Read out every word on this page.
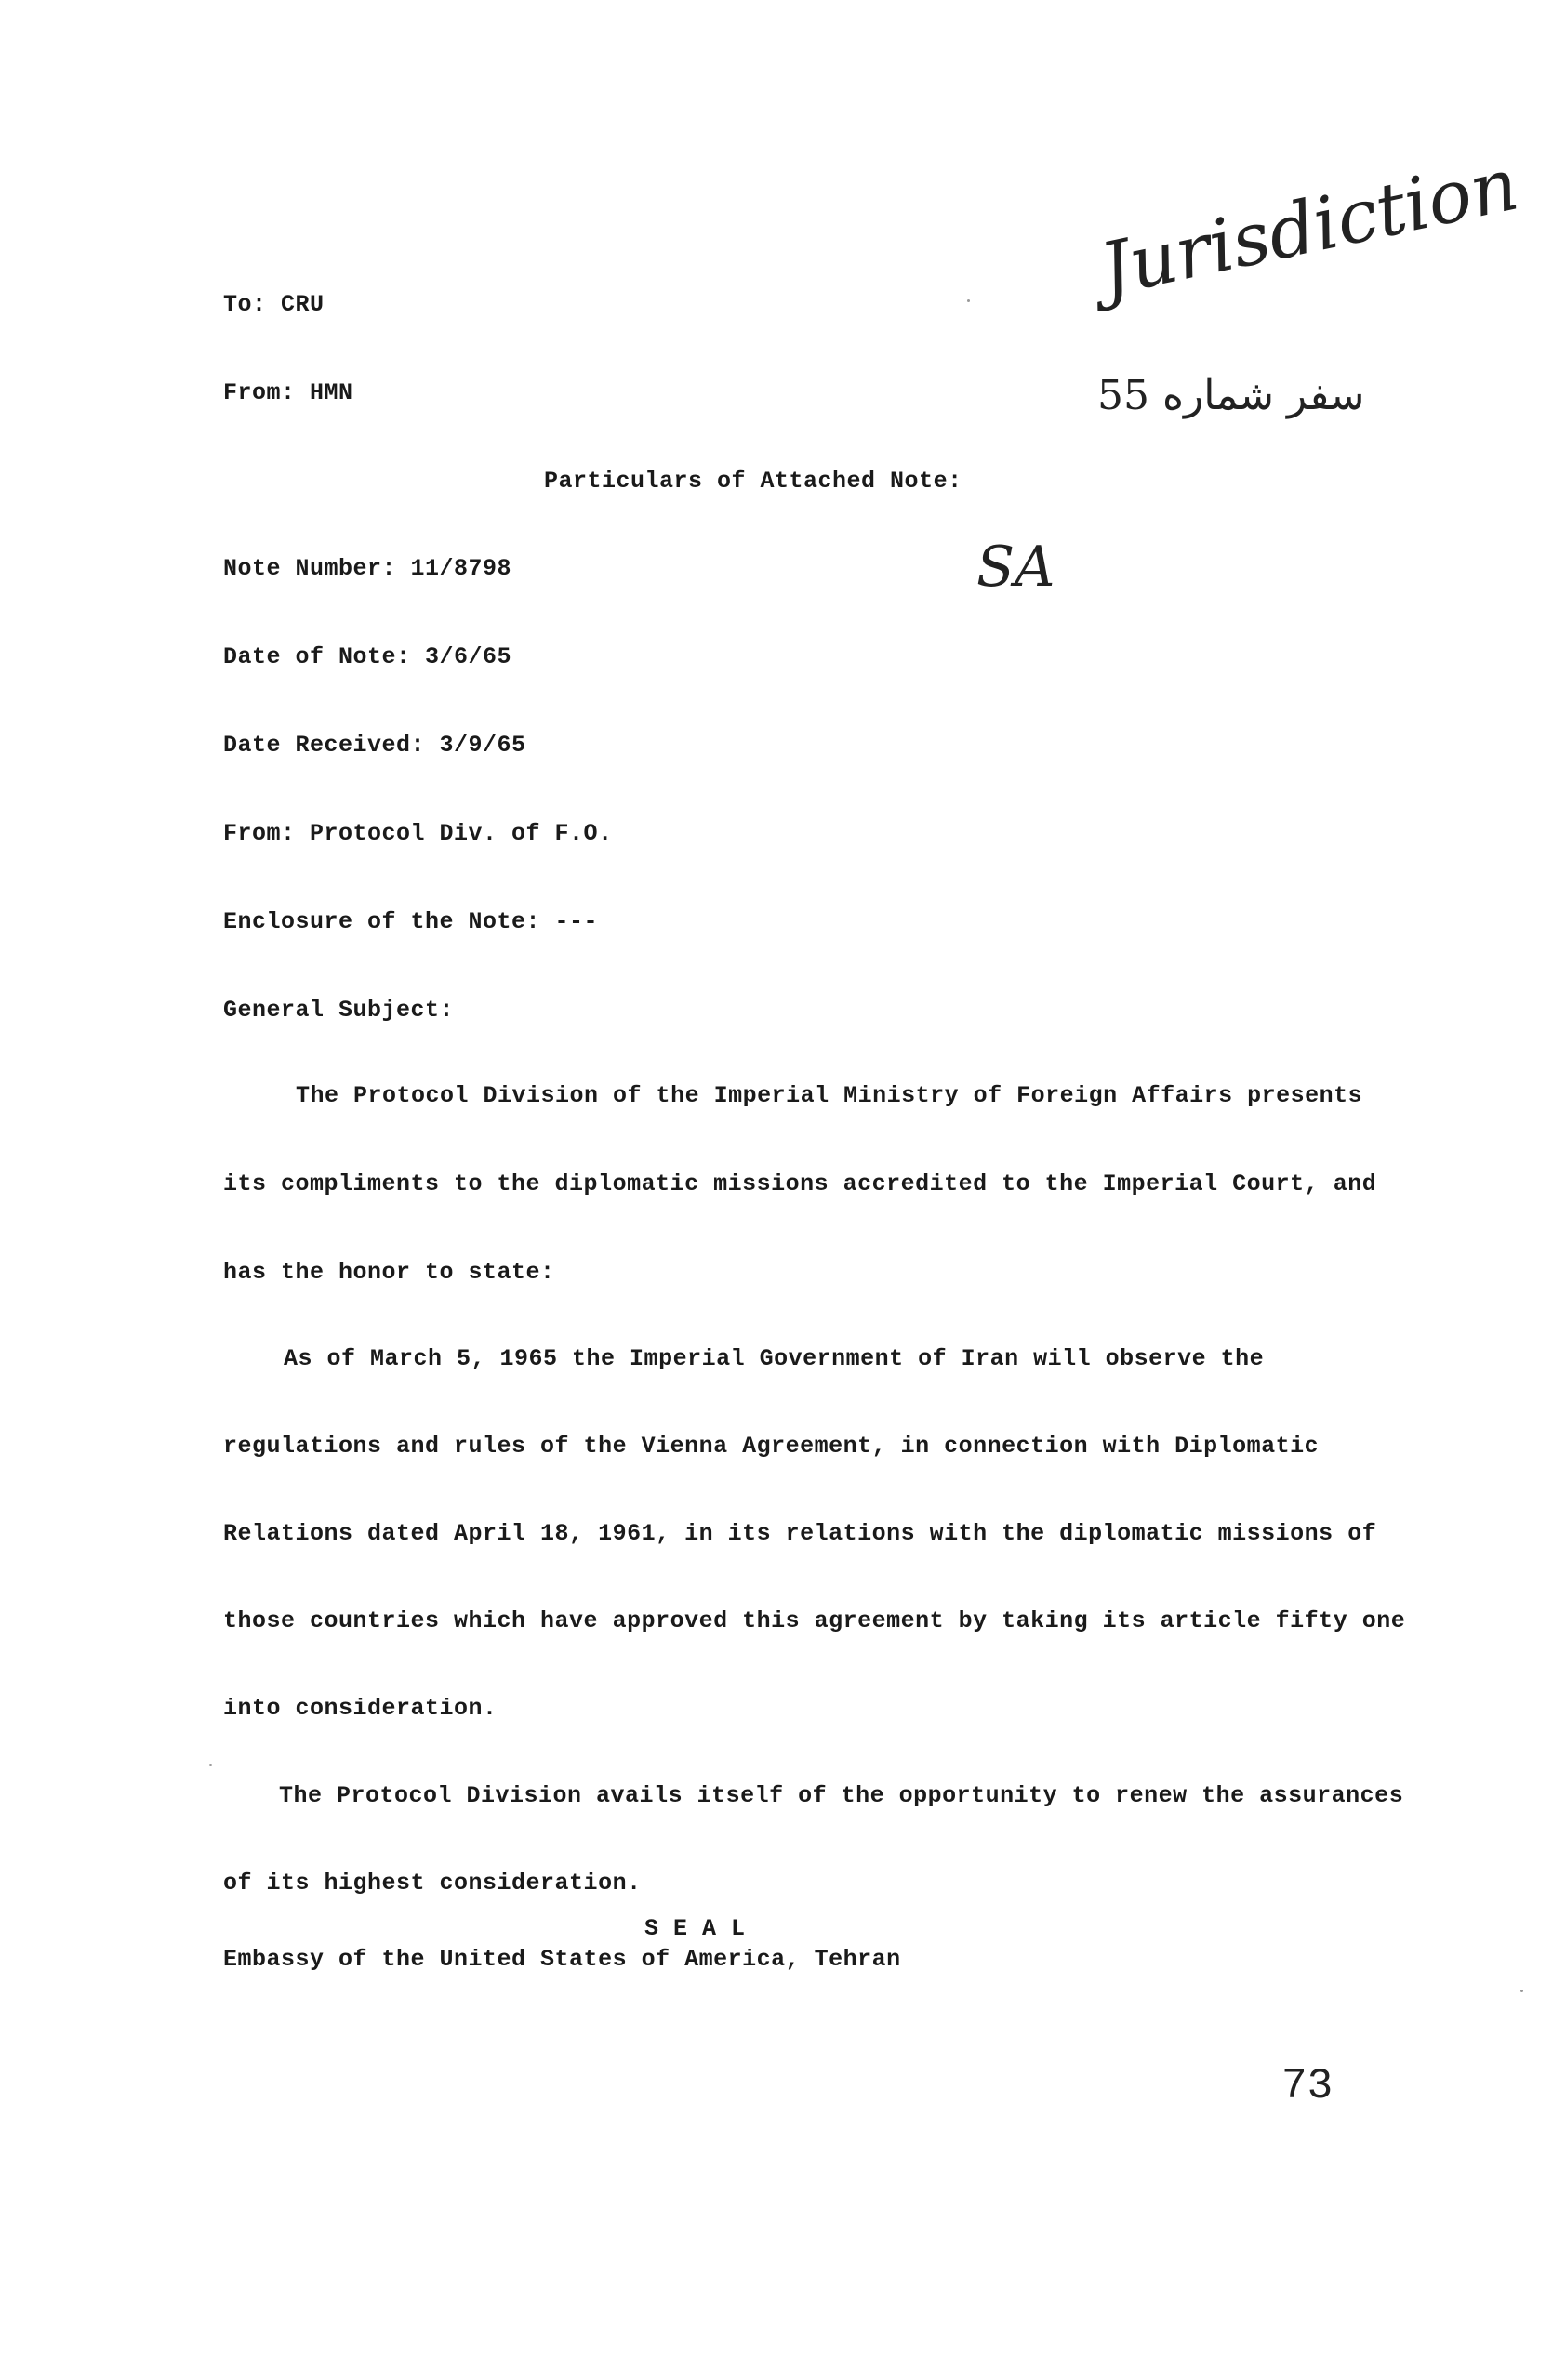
Jurisdiction
سفر شماره 55
SA
To: CRU
From: HMN
Particulars of Attached Note:
Note Number: 11/8798
Date of Note: 3/6/65
Date Received: 3/9/65
From: Protocol Div. of F.O.
Enclosure of the Note: ---
General Subject:
The Protocol Division of the Imperial Ministry of Foreign Affairs presents
its compliments to the diplomatic missions accredited to the Imperial Court, and
has the honor to state:
As of March 5, 1965 the Imperial Government of Iran will observe the
regulations and rules of the Vienna Agreement, in connection with Diplomatic
Relations dated April 18, 1961, in its relations with the diplomatic missions of
those countries which have approved this agreement by taking its article fifty one
into consideration.
The Protocol Division avails itself of the opportunity to renew the assurances
of its highest consideration.
S E A L
Embassy of the United States of America, Tehran
73
